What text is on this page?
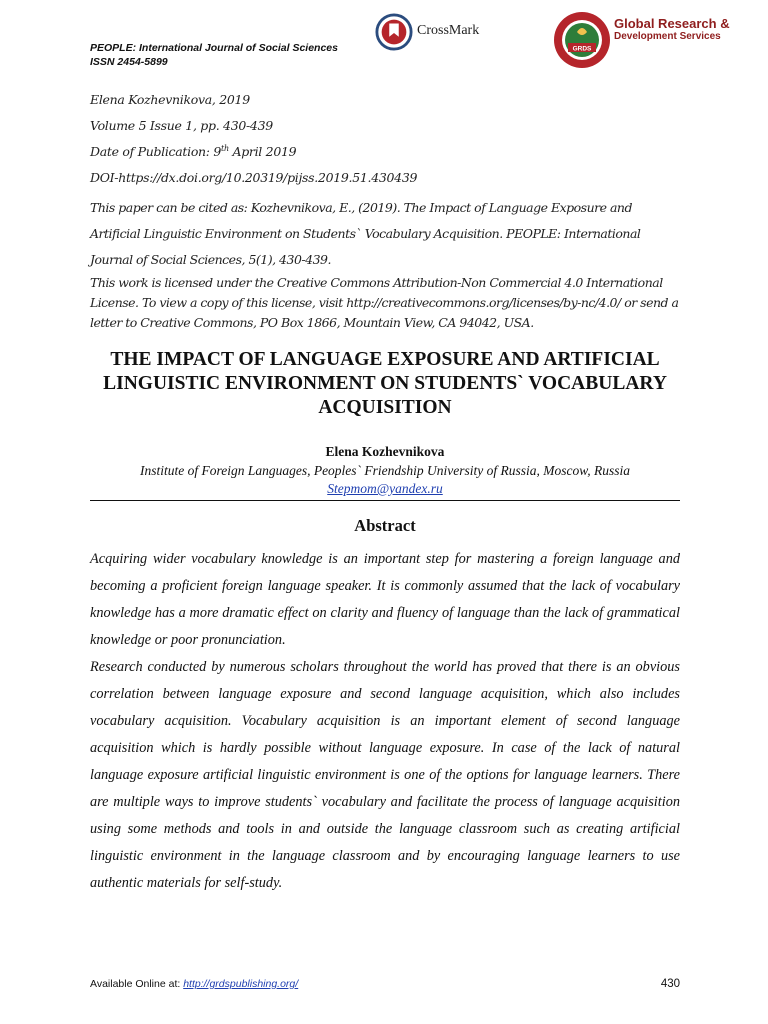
PEOPLE: International Journal of Social Sciences
ISSN 2454-5899
CrossMark
GRDS
Global Research &
Development Services
Elena Kozhevnikova, 2019
Volume 5 Issue 1, pp. 430-439
Date of Publication: 9th April 2019
DOI-https://dx.doi.org/10.20319/pijss.2019.51.430439
This paper can be cited as: Kozhevnikova, E., (2019). The Impact of Language Exposure and Artificial Linguistic Environment on Students` Vocabulary Acquisition. PEOPLE: International Journal of Social Sciences, 5(1), 430-439.
This work is licensed under the Creative Commons Attribution-Non Commercial 4.0 International License. To view a copy of this license, visit http://creativecommons.org/licenses/by-nc/4.0/ or send a letter to Creative Commons, PO Box 1866, Mountain View, CA 94042, USA.
THE IMPACT OF LANGUAGE EXPOSURE AND ARTIFICIAL LINGUISTIC ENVIRONMENT ON STUDENTS` VOCABULARY ACQUISITION
Elena Kozhevnikova
Institute of Foreign Languages, Peoples` Friendship University of Russia, Moscow, Russia
Stepmom@yandex.ru
Abstract

Acquiring wider vocabulary knowledge is an important step for mastering a foreign language and becoming a proficient foreign language speaker. It is commonly assumed that the lack of vocabulary knowledge has a more dramatic effect on clarity and fluency of language than the lack of grammatical knowledge or poor pronunciation.

Research conducted by numerous scholars throughout the world has proved that there is an obvious correlation between language exposure and second language acquisition, which also includes vocabulary acquisition. Vocabulary acquisition is an important element of second language acquisition which is hardly possible without language exposure. In case of the lack of natural language exposure artificial linguistic environment is one of the options for language learners. There are multiple ways to improve students` vocabulary and facilitate the process of language acquisition using some methods and tools in and outside the language classroom such as creating artificial linguistic environment in the language classroom and by encouraging language learners to use authentic materials for self-study.

Available Online at: http://grdspublishing.org/	430
